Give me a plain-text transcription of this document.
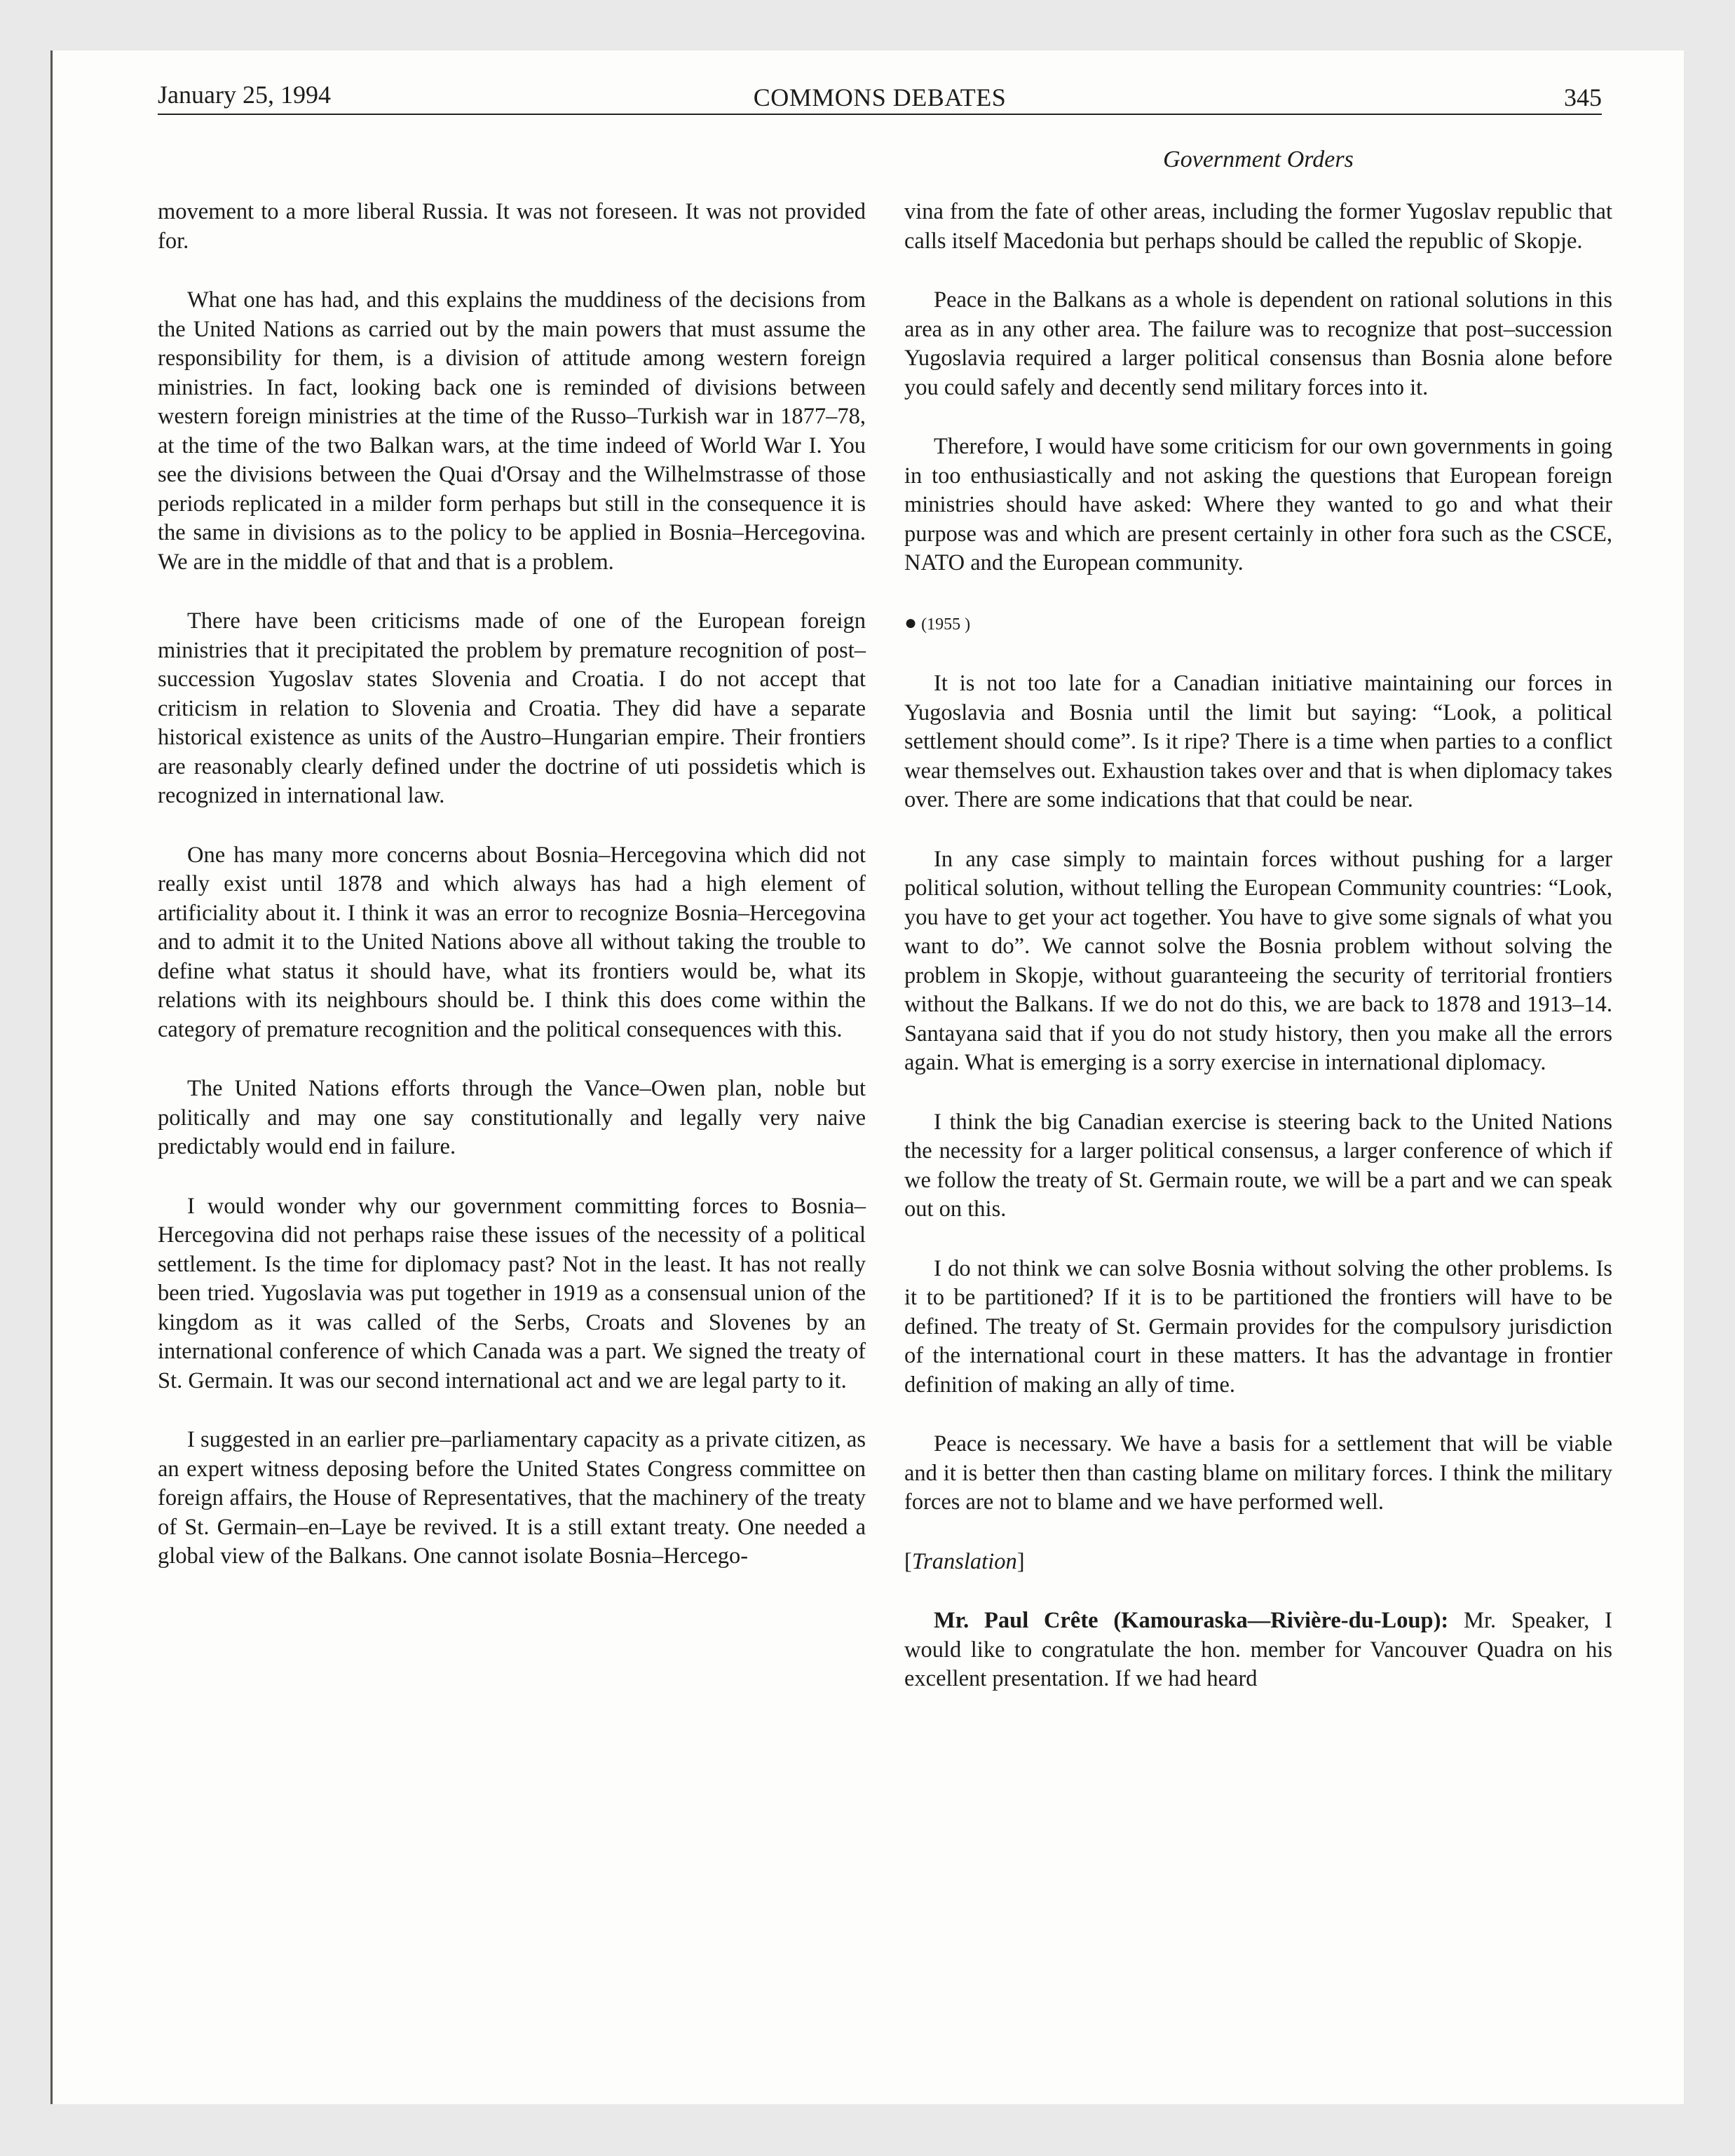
January 25, 1994	COMMONS DEBATES	345
Government Orders

movement to a more liberal Russia. It was not foreseen. It was not provided for.

What one has had, and this explains the muddiness of the decisions from the United Nations as carried out by the main powers that must assume the responsibility for them, is a division of attitude among western foreign ministries. In fact, looking back one is reminded of divisions between western foreign ministries at the time of the Russo–Turkish war in 1877–78, at the time of the two Balkan wars, at the time indeed of World War I. You see the divisions between the Quai d'Orsay and the Wilhelmstrasse of those periods replicated in a milder form perhaps but still in the consequence it is the same in divisions as to the policy to be applied in Bosnia–Hercegovina. We are in the middle of that and that is a problem.

There have been criticisms made of one of the European foreign ministries that it precipitated the problem by premature recognition of post–succession Yugoslav states Slovenia and Croatia. I do not accept that criticism in relation to Slovenia and Croatia. They did have a separate historical existence as units of the Austro–Hungarian empire. Their frontiers are reasonably clearly defined under the doctrine of uti possidetis which is recognized in international law.

One has many more concerns about Bosnia–Hercegovina which did not really exist until 1878 and which always has had a high element of artificiality about it. I think it was an error to recognize Bosnia–Hercegovina and to admit it to the United Nations above all without taking the trouble to define what status it should have, what its frontiers would be, what its relations with its neighbours should be. I think this does come within the category of premature recognition and the political consequences with this.

The United Nations efforts through the Vance–Owen plan, noble but politically and may one say constitutionally and legally very naive predictably would end in failure.

I would wonder why our government committing forces to Bosnia–Hercegovina did not perhaps raise these issues of the necessity of a political settlement. Is the time for diplomacy past? Not in the least. It has not really been tried. Yugoslavia was put together in 1919 as a consensual union of the kingdom as it was called of the Serbs, Croats and Slovenes by an international conference of which Canada was a part. We signed the treaty of St. Germain. It was our second international act and we are legal party to it.

I suggested in an earlier pre–parliamentary capacity as a private citizen, as an expert witness deposing before the United States Congress committee on foreign affairs, the House of Representatives, that the machinery of the treaty of St. Germain–en–Laye be revived. It is a still extant treaty. One needed a global view of the Balkans. One cannot isolate Bosnia–Hercego-

vina from the fate of other areas, including the former Yugoslav republic that calls itself Macedonia but perhaps should be called the republic of Skopje.

Peace in the Balkans as a whole is dependent on rational solutions in this area as in any other area. The failure was to recognize that post–succession Yugoslavia required a larger political consensus than Bosnia alone before you could safely and decently send military forces into it.

Therefore, I would have some criticism for our own governments in going in too enthusiastically and not asking the questions that European foreign ministries should have asked: Where they wanted to go and what their purpose was and which are present certainly in other fora such as the CSCE, NATO and the European community.

● (1955 )

It is not too late for a Canadian initiative maintaining our forces in Yugoslavia and Bosnia until the limit but saying: “Look, a political settlement should come”. Is it ripe? There is a time when parties to a conflict wear themselves out. Exhaustion takes over and that is when diplomacy takes over. There are some indications that that could be near.

In any case simply to maintain forces without pushing for a larger political solution, without telling the European Community countries: “Look, you have to get your act together. You have to give some signals of what you want to do”. We cannot solve the Bosnia problem without solving the problem in Skopje, without guaranteeing the security of territorial frontiers without the Balkans. If we do not do this, we are back to 1878 and 1913–14. Santayana said that if you do not study history, then you make all the errors again. What is emerging is a sorry exercise in international diplomacy.

I think the big Canadian exercise is steering back to the United Nations the necessity for a larger political consensus, a larger conference of which if we follow the treaty of St. Germain route, we will be a part and we can speak out on this.

I do not think we can solve Bosnia without solving the other problems. Is it to be partitioned? If it is to be partitioned the frontiers will have to be defined. The treaty of St. Germain provides for the compulsory jurisdiction of the international court in these matters. It has the advantage in frontier definition of making an ally of time.

Peace is necessary. We have a basis for a settlement that will be viable and it is better then than casting blame on military forces. I think the military forces are not to blame and we have performed well.

[Translation]

Mr. Paul Crête (Kamouraska—Rivière-du-Loup): Mr. Speaker, I would like to congratulate the hon. member for Vancouver Quadra on his excellent presentation. If we had heard
